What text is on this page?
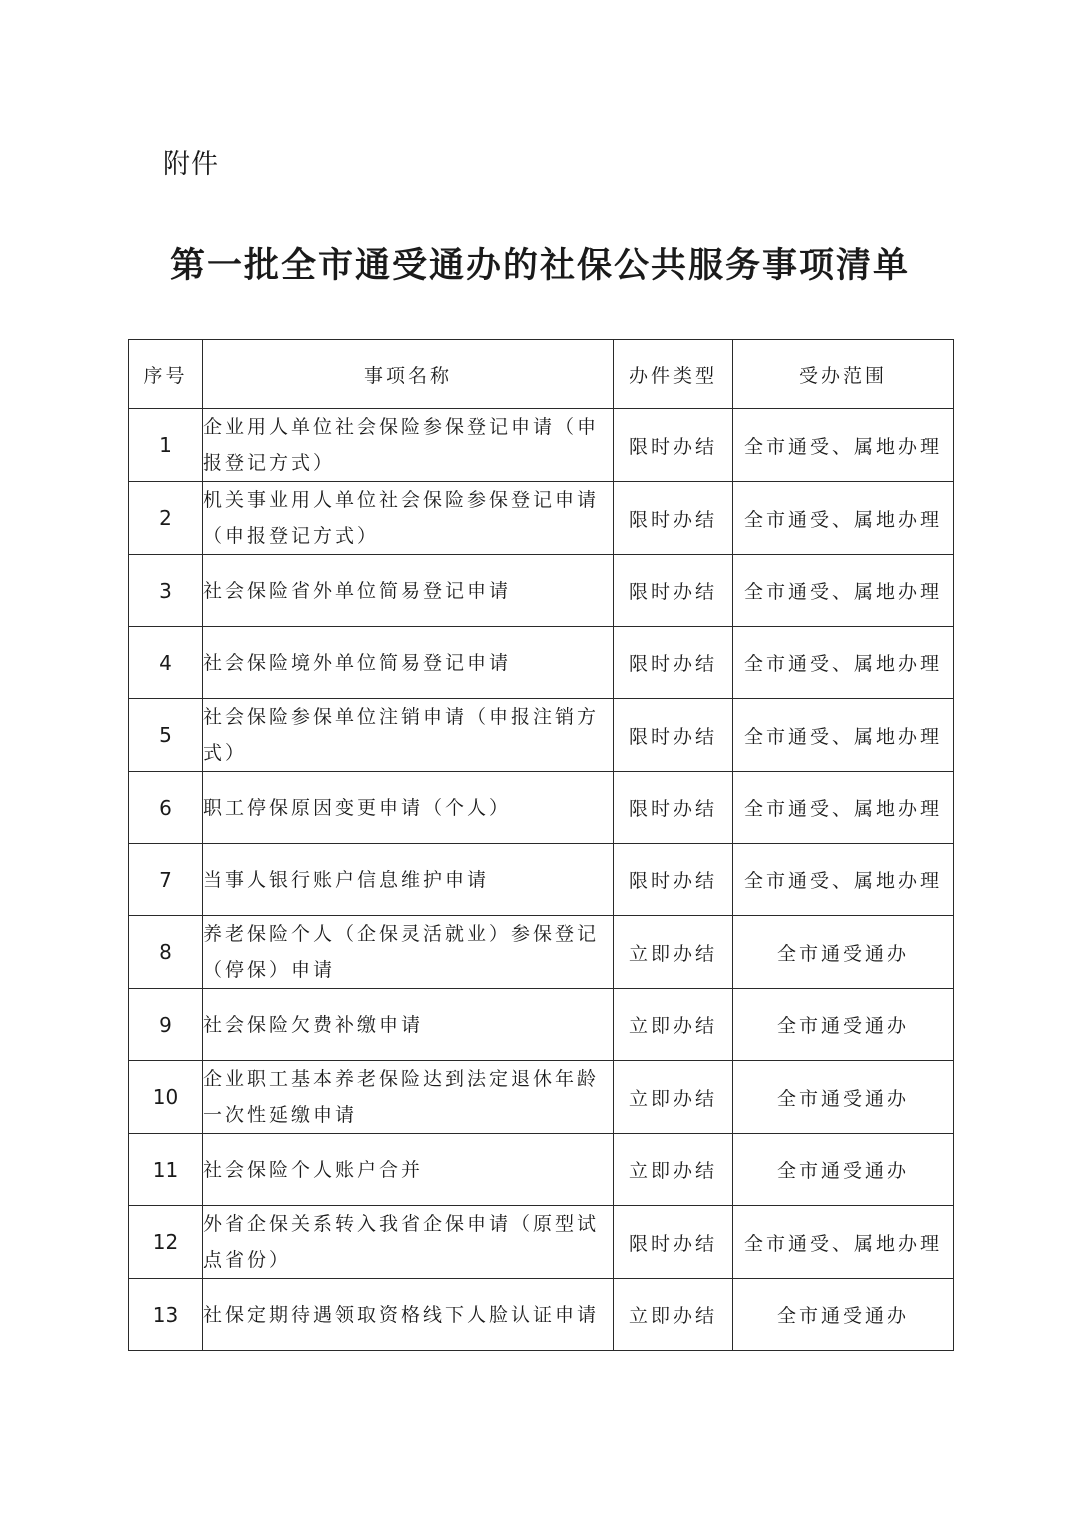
附件
第一批全市通受通办的社保公共服务事项清单
序号	事项名称	办件类型	受办范围
1	企业用人单位社会保险参保登记申请（申报登记方式）	限时办结	全市通受、属地办理
2	机关事业用人单位社会保险参保登记申请（申报登记方式）	限时办结	全市通受、属地办理
3	社会保险省外单位简易登记申请	限时办结	全市通受、属地办理
4	社会保险境外单位简易登记申请	限时办结	全市通受、属地办理
5	社会保险参保单位注销申请（申报注销方式）	限时办结	全市通受、属地办理
6	职工停保原因变更申请（个人）	限时办结	全市通受、属地办理
7	当事人银行账户信息维护申请	限时办结	全市通受、属地办理
8	养老保险个人（企保灵活就业）参保登记（停保）申请	立即办结	全市通受通办
9	社会保险欠费补缴申请	立即办结	全市通受通办
10	企业职工基本养老保险达到法定退休年龄一次性延缴申请	立即办结	全市通受通办
11	社会保险个人账户合并	立即办结	全市通受通办
12	外省企保关系转入我省企保申请（原型试点省份）	限时办结	全市通受、属地办理
13	社保定期待遇领取资格线下人脸认证申请	立即办结	全市通受通办
